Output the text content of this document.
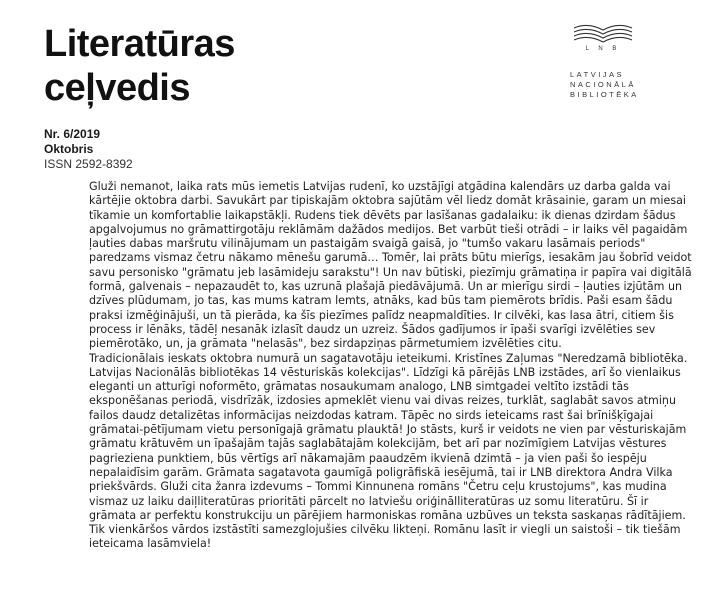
Literatūras
ceļvedis
L N B
LATVIJAS
NACIONĀLĀ
BIBLIOTĒKA
Nr. 6/2019
Oktobris
ISSN 2592-8392

Gluži nemanot, laika rats mūs iemetis Latvijas rudenī, ko uzstājīgi atgādina kalendārs uz darba galda vai kārtējie oktobra darbi. Savukārt par tipiskajām oktobra sajūtām vēl liedz domāt krāsainie, garam un miesai tīkamie un komfortablie laikapstākļi. Rudens tiek dēvēts par lasīšanas gadalaiku: ik dienas dzirdam šādus apgalvojumus no grāmattirgotāju reklāmām dažādos medijos. Bet varbūt tieši otrādi – ir laiks vēl pagaidām ļauties dabas maršrutu vilinājumam un pastaigām svaigā gaisā, jo "tumšo vakaru lasāmais periods" paredzams vismaz četru nākamo mēnešu garumā… Tomēr, lai prāts būtu mierīgs, iesakām jau šobrīd veidot savu personisko "grāmatu jeb lasāmideju sarakstu"! Un nav būtiski, piezīmju grāmatiņa ir papīra vai digitālā formā, galvenais – nepazaudēt to, kas uzrunā plašajā piedāvājumā. Un ar mierīgu sirdi – ļauties izjūtām un dzīves plūdumam, jo tas, kas mums katram lemts, atnāks, kad būs tam piemērots brīdis. Paši esam šādu praksi izmēģinājuši, un tā pierāda, ka šīs piezīmes palīdz neapmaldīties. Ir cilvēki, kas lasa ātri, citiem šis process ir lēnāks, tādēļ nesanāk izlasīt daudz un uzreiz. Šādos gadījumos ir īpaši svarīgi izvēlēties sev piemērotāko, un, ja grāmata "nelasās", bez sirdapziņas pārmetumiem izvēlēties citu.

Tradicionālais ieskats oktobra numurā un sagatavotāju ieteikumi. Kristīnes Zaļumas "Neredzamā bibliotēka. Latvijas Nacionālās bibliotēkas 14 vēsturiskās kolekcijas". Līdzīgi kā pārējās LNB izstādes, arī šo vienlaikus eleganti un atturīgi noformēto, grāmatas nosaukumam analogo, LNB simtgadei veltīto izstādi tās eksponēšanas periodā, visdrīzāk, izdosies apmeklēt vienu vai divas reizes, turklāt, saglabāt savos atmiņu failos daudz detalizētas informācijas neizdodas katram. Tāpēc no sirds ieteicams rast šai brīnišķīgajai grāmatai-pētījumam vietu personīgajā grāmatu plauktā! Jo stāsts, kurš ir veidots ne vien par vēsturiskajām grāmatu krātuvēm un īpašajām tajās saglabātajām kolekcijām, bet arī par nozīmīgiem Latvijas vēstures pagrieziena punktiem, būs vērtīgs arī nākamajām paaudzēm ikvienā dzimtā – ja vien paši šo iespēju nepalaidīsim garām. Grāmata sagatavota gaumīgā poligrāfiskā iesējumā, tai ir LNB direktora Andra Vilka priekšvārds. Gluži cita žanra izdevums – Tommi Kinnunena romāns "Četru ceļu krustojums", kas mudina vismaz uz laiku daiļliteratūras prioritāti pārcelt no latviešu oriģinālliteratūras uz somu literatūru. Šī ir grāmata ar perfektu konstrukciju un pārējiem harmoniskas romāna uzbūves un teksta saskaņas rādītājiem. Tik vienkāršos vārdos izstāstīti samezglojušies cilvēku likteņi. Romānu lasīt ir viegli un saistoši – tik tiešām ieteicama lasāmviela!
